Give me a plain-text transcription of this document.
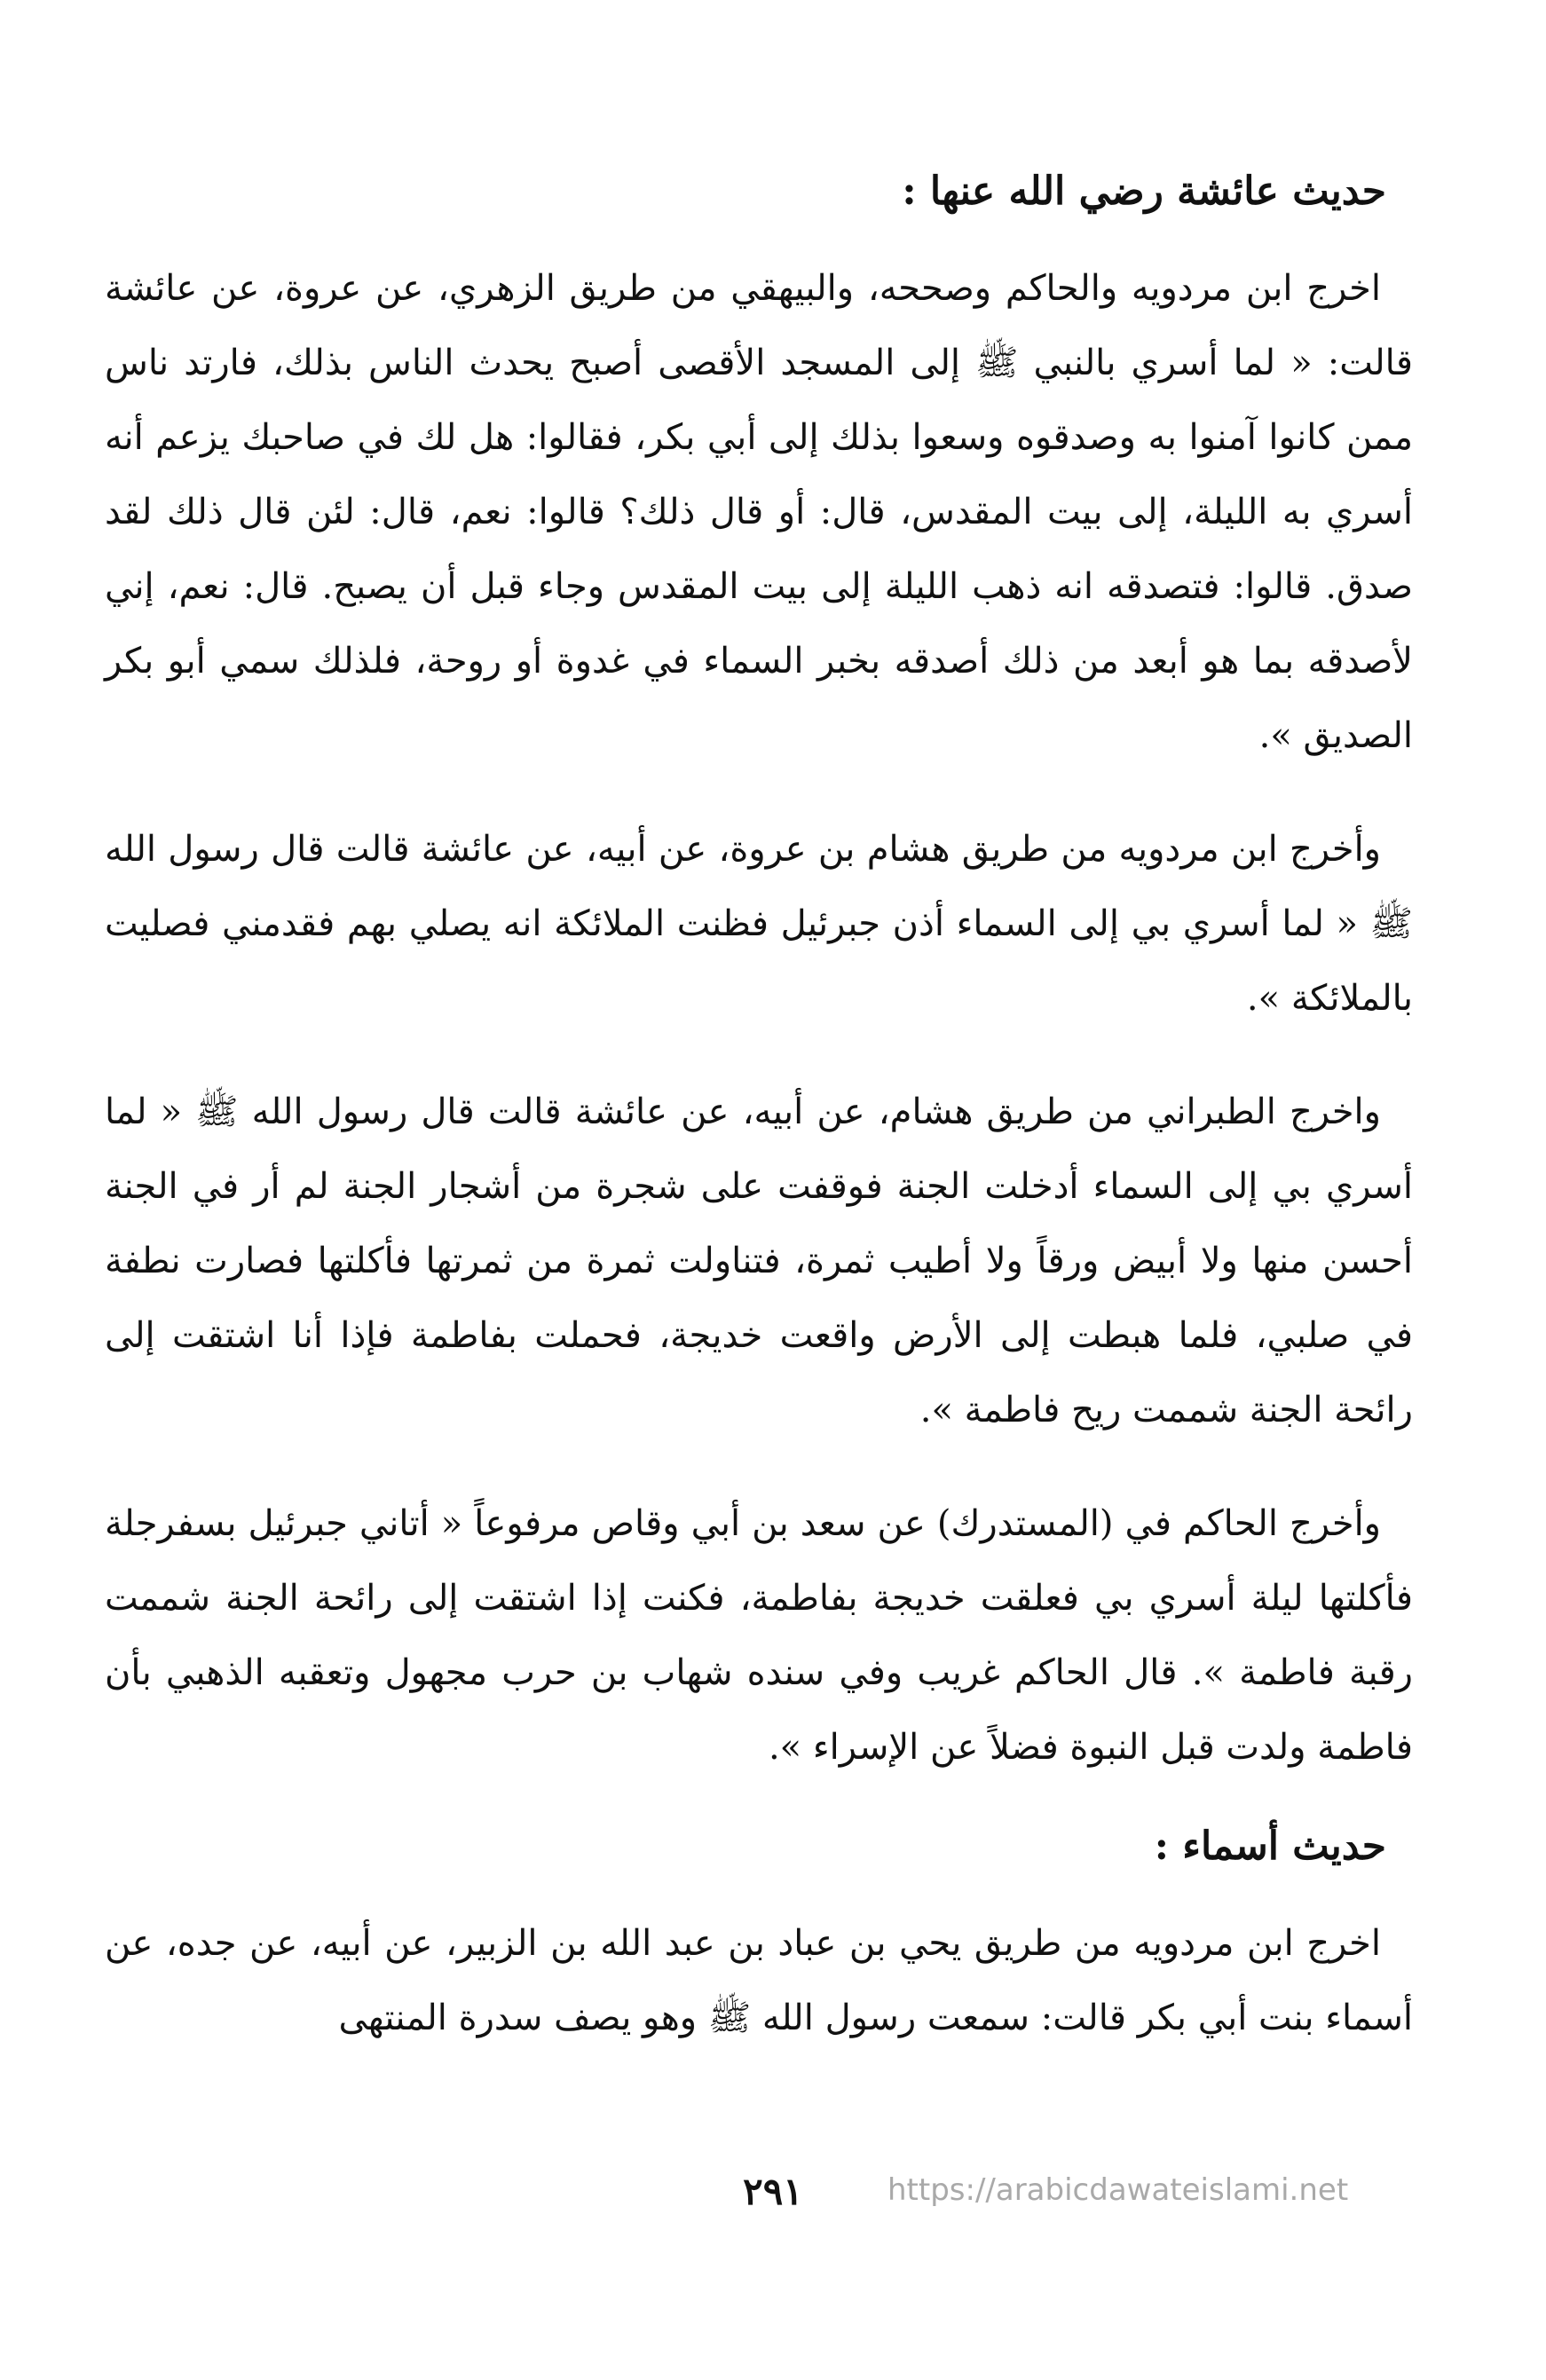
حديث عائشة رضي الله عنها :

اخرج ابن مردويه والحاكم وصححه، والبيهقي من طريق الزهري، عن عروة، عن عائشة قالت: « لما أسري بالنبي ﷺ إلى المسجد الأقصى أصبح يحدث الناس بذلك، فارتد ناس ممن كانوا آمنوا به وصدقوه وسعوا بذلك إلى أبي بكر، فقالوا: هل لك في صاحبك يزعم أنه أسري به الليلة، إلى بيت المقدس، قال: أو قال ذلك؟ قالوا: نعم، قال: لئن قال ذلك لقد صدق. قالوا: فتصدقه انه ذهب الليلة إلى بيت المقدس وجاء قبل أن يصبح. قال: نعم، إني لأصدقه بما هو أبعد من ذلك أصدقه بخبر السماء في غدوة أو روحة، فلذلك سمي أبو بكر الصديق ».

وأخرج ابن مردويه من طريق هشام بن عروة، عن أبيه، عن عائشة قالت قال رسول الله ﷺ « لما أسري بي إلى السماء أذن جبرئيل فظنت الملائكة انه يصلي بهم فقدمني فصليت بالملائكة ».

واخرج الطبراني من طريق هشام، عن أبيه، عن عائشة قالت قال رسول الله ﷺ « لما أسري بي إلى السماء أدخلت الجنة فوقفت على شجرة من أشجار الجنة لم أر في الجنة أحسن منها ولا أبيض ورقاً ولا أطيب ثمرة، فتناولت ثمرة من ثمرتها فأكلتها فصارت نطفة في صلبي، فلما هبطت إلى الأرض واقعت خديجة، فحملت بفاطمة فإذا أنا اشتقت إلى رائحة الجنة شممت ريح فاطمة ».

وأخرج الحاكم في (المستدرك) عن سعد بن أبي وقاص مرفوعاً « أتاني جبرئيل بسفرجلة فأكلتها ليلة أسري بي فعلقت خديجة بفاطمة، فكنت إذا اشتقت إلى رائحة الجنة شممت رقبة فاطمة ». قال الحاكم غريب وفي سنده شهاب بن حرب مجهول وتعقبه الذهبي بأن فاطمة ولدت قبل النبوة فضلاً عن الإسراء ».

حديث أسماء :

اخرج ابن مردويه من طريق يحي بن عباد بن عبد الله بن الزبير، عن أبيه، عن جده، عن أسماء بنت أبي بكر قالت: سمعت رسول الله ﷺ وهو يصف سدرة المنتهى

٢٩١	https://arabicdawateislami.net
